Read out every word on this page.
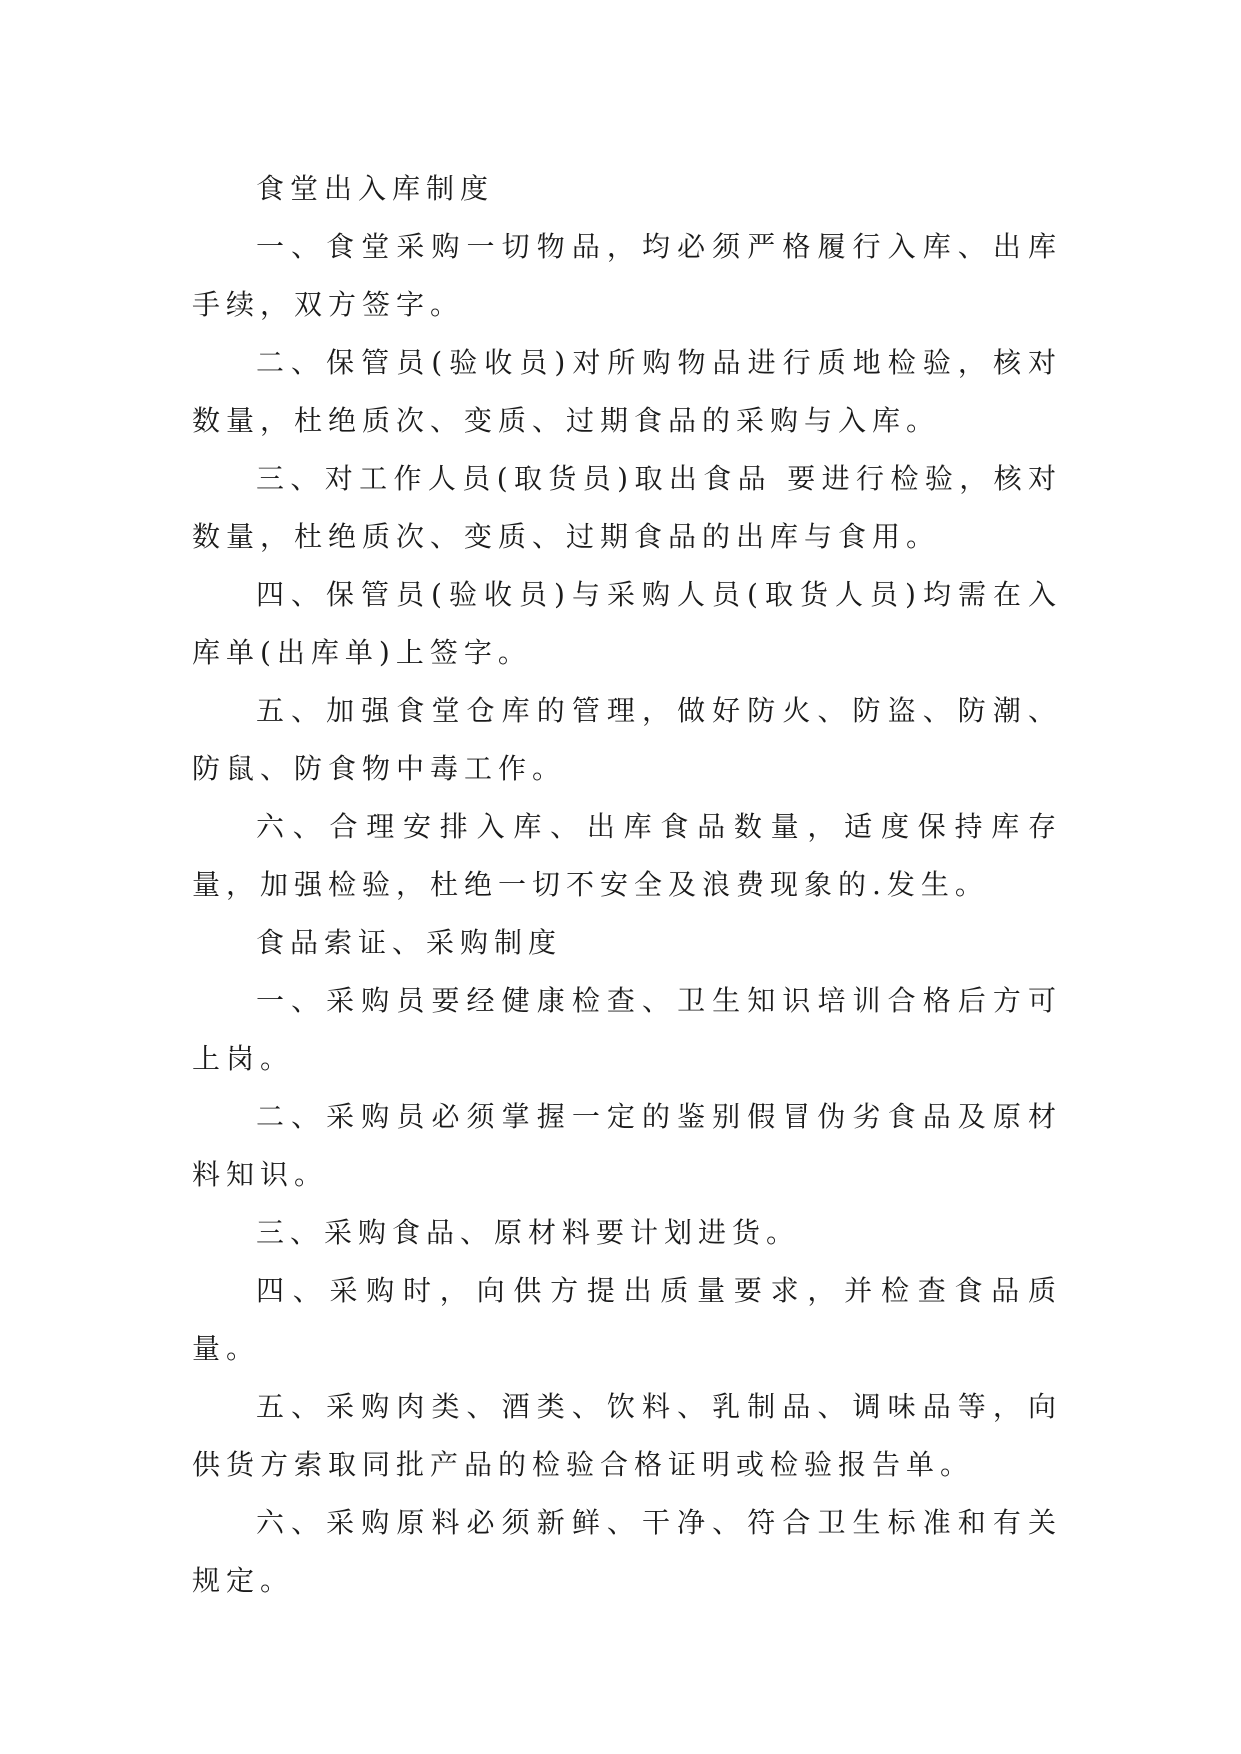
食堂出入库制度

一、食堂采购一切物品，均必须严格履行入库、出库手续，双方签字。

二、保管员(验收员)对所购物品进行质地检验，核对数量，杜绝质次、变质、过期食品的采购与入库。

三、对工作人员(取货员)取出食品 要进行检验，核对数量，杜绝质次、变质、过期食品的出库与食用。

四、保管员(验收员)与采购人员(取货人员)均需在入库单(出库单)上签字。

五、加强食堂仓库的管理，做好防火、防盗、防潮、防鼠、防食物中毒工作。

六、合理安排入库、出库食品数量，适度保持库存量，加强检验，杜绝一切不安全及浪费现象的.发生。

食品索证、采购制度

一、采购员要经健康检查、卫生知识培训合格后方可上岗。

二、采购员必须掌握一定的鉴别假冒伪劣食品及原材料知识。

三、采购食品、原材料要计划进货。

四、采购时，向供方提出质量要求，并检查食品质量。

五、采购肉类、酒类、饮料、乳制品、调味品等，向供货方索取同批产品的检验合格证明或检验报告单。

六、采购原料必须新鲜、干净、符合卫生标准和有关规定。
